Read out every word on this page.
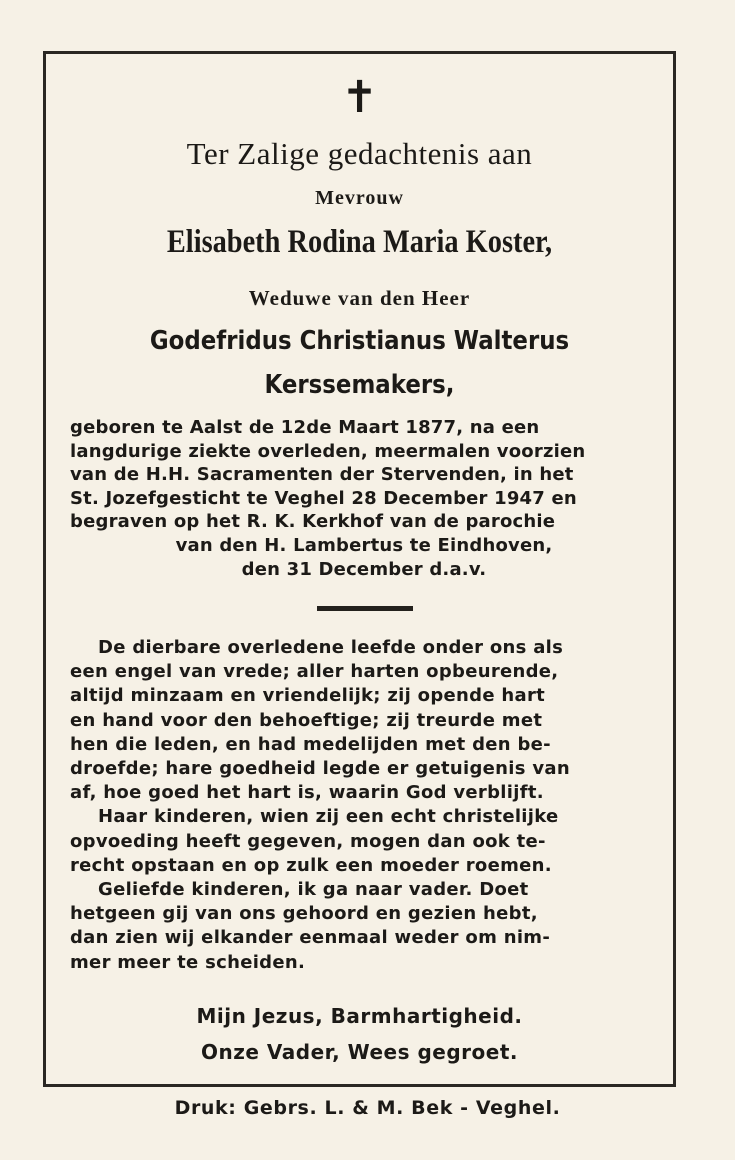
✝
Ter Zalige gedachtenis aan
Mevrouw
Elisabeth Rodina Maria Koster,
Weduwe van den Heer
Godefridus Christianus Walterus
Kerssemakers,
geboren te Aalst de 12de Maart 1877, na een
langdurige ziekte overleden, meermalen voorzien
van de H.H. Sacramenten der Stervenden, in het
St. Jozefgesticht te Veghel 28 December 1947 en
begraven op het R. K. Kerkhof van de parochie
van den H. Lambertus te Eindhoven,
den 31 December d.a.v.
De dierbare overledene leefde onder ons als
een engel van vrede; aller harten opbeurende,
altijd minzaam en vriendelijk; zij opende hart
en hand voor den behoeftige; zij treurde met
hen die leden, en had medelijden met den be-
droefde; hare goedheid legde er getuigenis van
af, hoe goed het hart is, waarin God verblijft.
Haar kinderen, wien zij een echt christelijke
opvoeding heeft gegeven, mogen dan ook te-
recht opstaan en op zulk een moeder roemen.
Geliefde kinderen, ik ga naar vader. Doet
hetgeen gij van ons gehoord en gezien hebt,
dan zien wij elkander eenmaal weder om nim-
mer meer te scheiden.
Mijn Jezus, Barmhartigheid.
Onze Vader, Wees gegroet.
Druk: Gebrs. L. & M. Bek - Veghel.
